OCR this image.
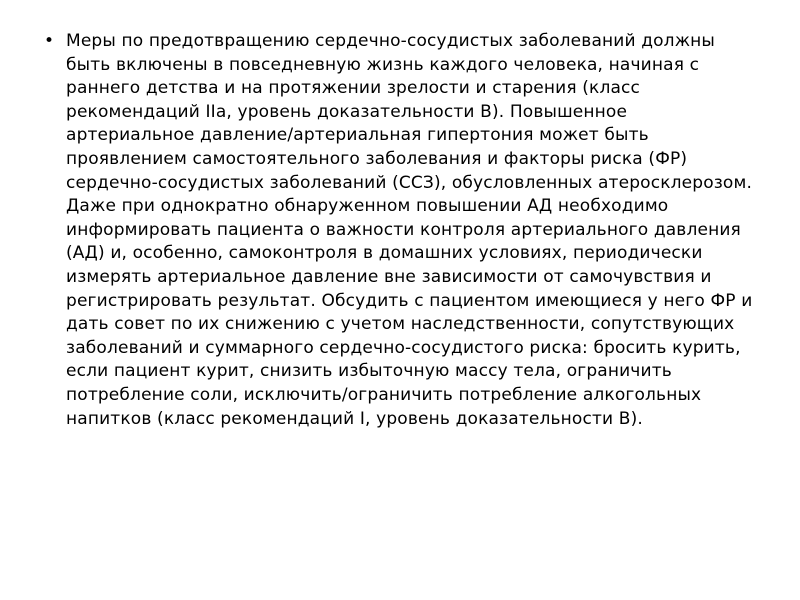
• Меры по предотвращению сердечно-сосудистых заболеваний должны быть включены в повседневную жизнь каждого человека, начиная с раннего детства и на протяжении зрелости и старения (класс рекомендаций IIa, уровень доказательности B). Повышенное артериальное давление/артериальная гипертония может быть проявлением самостоятельного заболевания и факторы риска (ФР) сердечно-сосудистых заболеваний (ССЗ), обусловленных атеросклерозом. Даже при однократно обнаруженном повышении АД необходимо информировать пациента о важности контроля артериального давления (АД) и, особенно, самоконтроля в домашних условиях, периодически измерять артериальное давление вне зависимости от самочувствия и регистрировать результат. Обсудить с пациентом имеющиеся у него ФР и дать совет по их снижению с учетом наследственности, сопутствующих заболеваний и суммарного сердечно-сосудистого риска: бросить курить, если пациент курит, снизить избыточную массу тела, ограничить потребление соли, исключить/ограничить потребление алкогольных напитков (класс рекомендаций I, уровень доказательности B).
